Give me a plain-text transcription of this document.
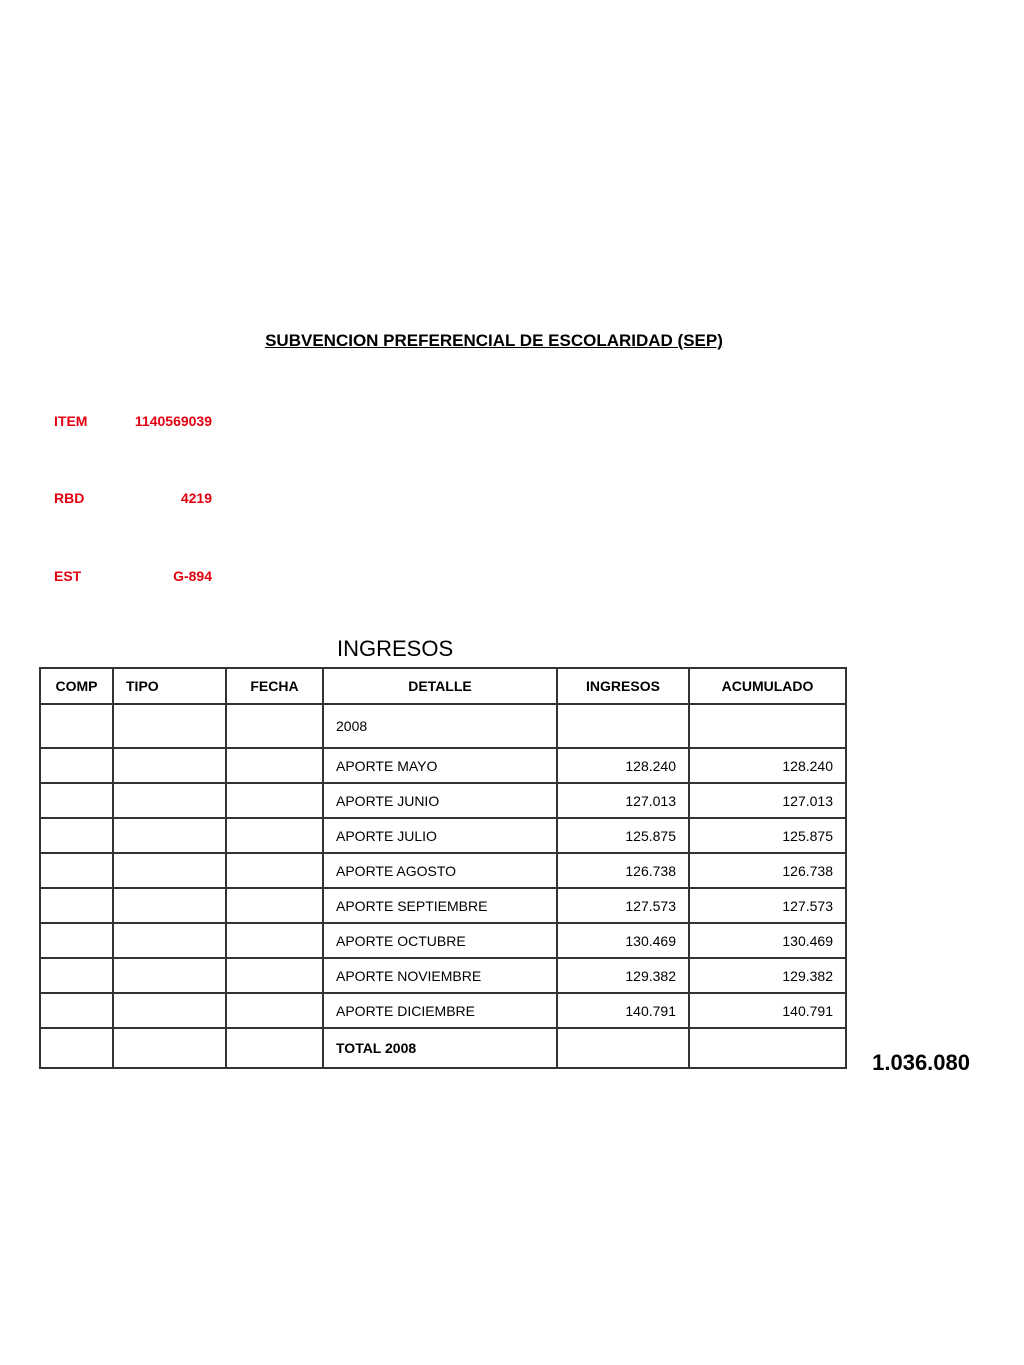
SUBVENCION PREFERENCIAL DE ESCOLARIDAD (SEP)
ITEM	1140569039
RBD	4219
EST	G-894
INGRESOS
COMP	TIPO	FECHA	DETALLE	INGRESOS	ACUMULADO
			2008		
			APORTE MAYO	128.240	128.240
			APORTE JUNIO	127.013	127.013
			APORTE JULIO	125.875	125.875
			APORTE AGOSTO	126.738	126.738
			APORTE SEPTIEMBRE	127.573	127.573
			APORTE OCTUBRE	130.469	130.469
			APORTE NOVIEMBRE	129.382	129.382
			APORTE DICIEMBRE	140.791	140.791
			TOTAL 2008		
1.036.080
